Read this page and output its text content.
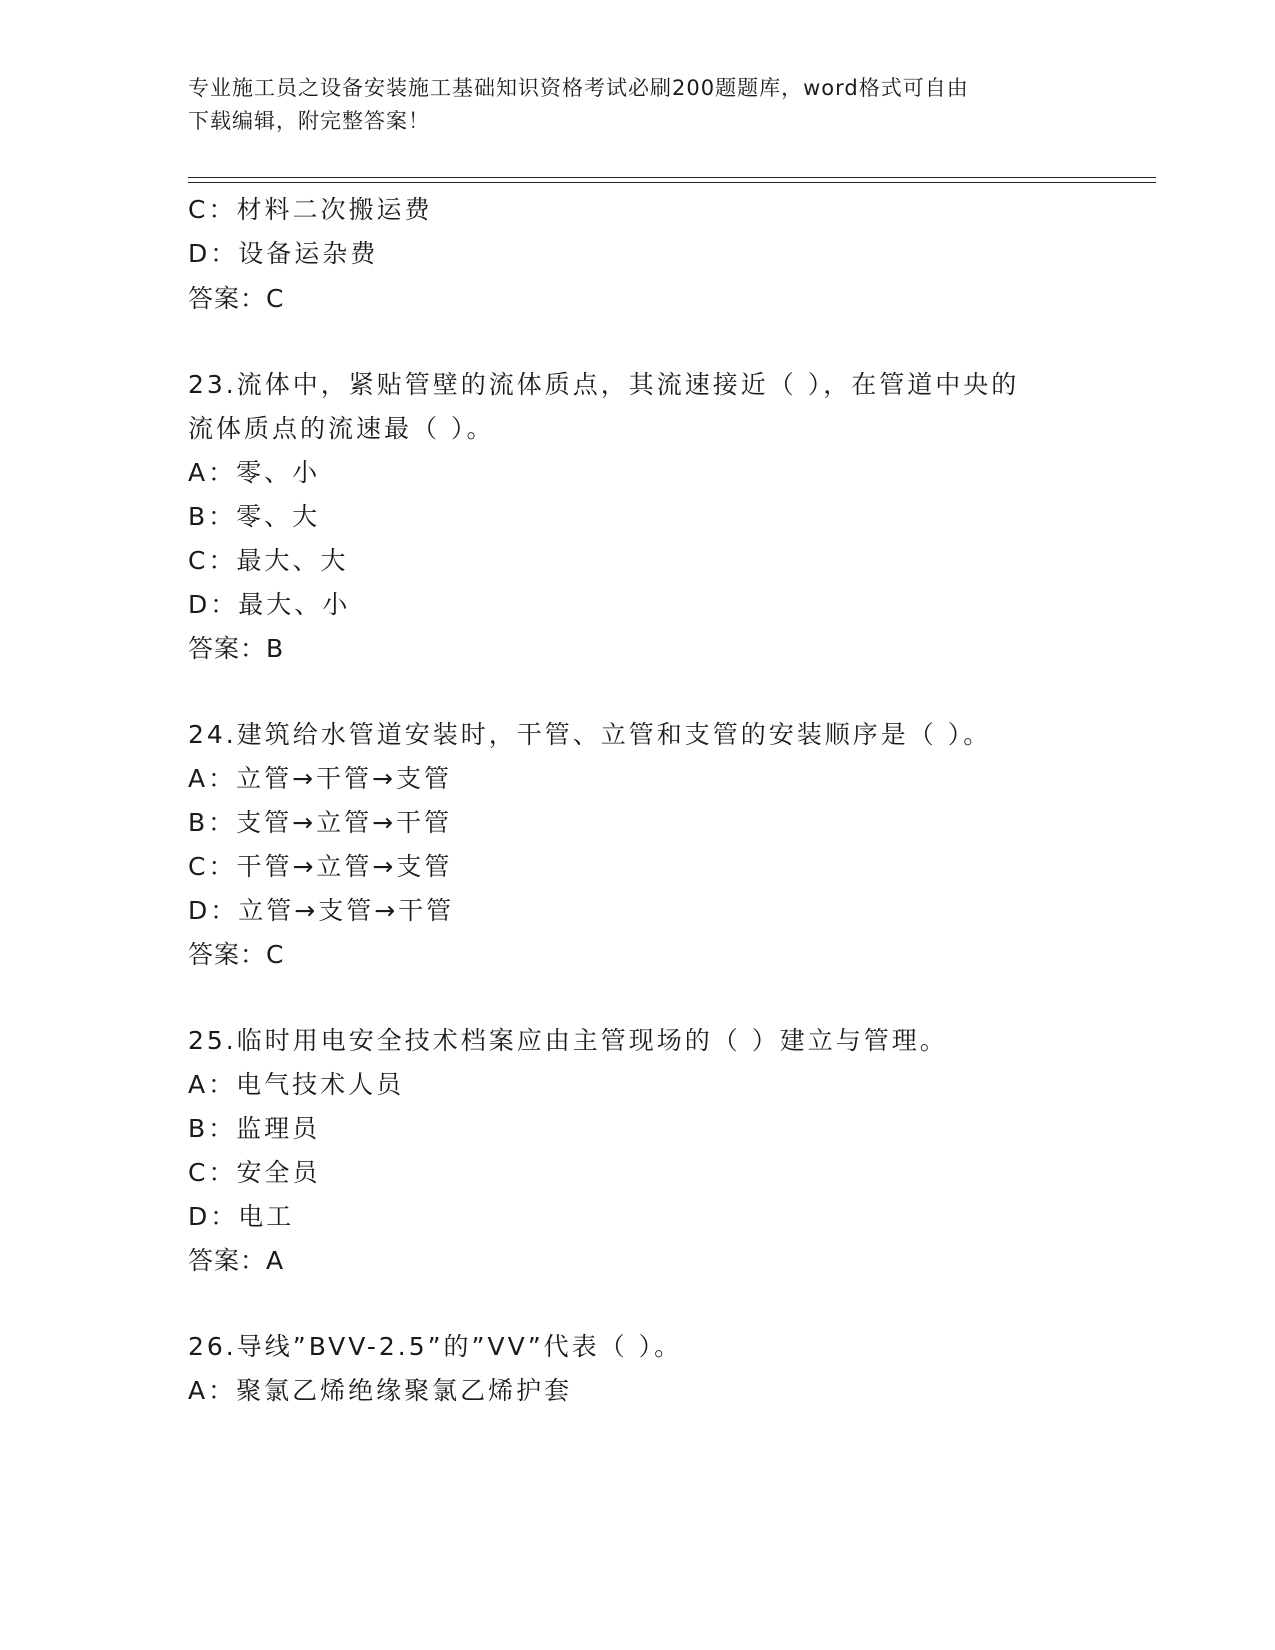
专业施工员之设备安装施工基础知识资格考试必刷200题题库，word格式可自由
下载编辑，附完整答案！

C：材料二次搬运费

D：设备运杂费

答案：C

23.流体中，紧贴管壁的流体质点，其流速接近（ ），在管道中央的

流体质点的流速最（ ）。

A：零、小

B：零、大

C：最大、大

D：最大、小

答案：B

24.建筑给水管道安装时，干管、立管和支管的安装顺序是（ ）。

A：立管→干管→支管

B：支管→立管→干管

C：干管→立管→支管

D：立管→支管→干管

答案：C

25.临时用电安全技术档案应由主管现场的（ ）建立与管理。

A：电气技术人员

B：监理员

C：安全员

D：电工

答案：A

26.导线”BVV-2.5”的”VV”代表（ ）。

A：聚氯乙烯绝缘聚氯乙烯护套
